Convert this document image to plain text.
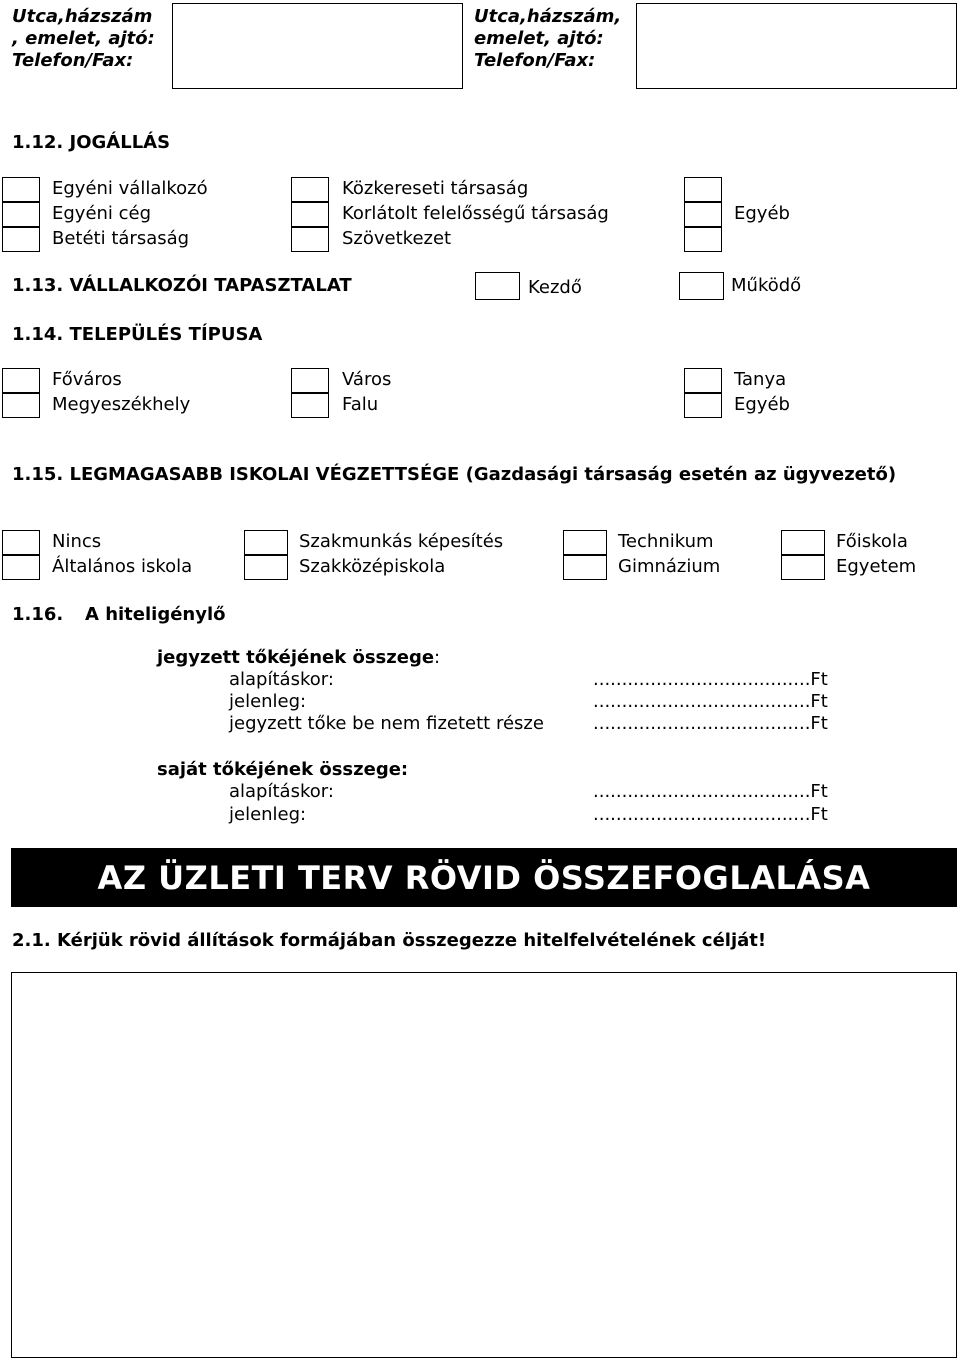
Utca,házszám
, emelet, ajtó:
Telefon/Fax:
Utca,házszám,
emelet, ajtó:
Telefon/Fax:
1.12. JOGÁLLÁS
Egyéni vállalkozó
Egyéni cég
Betéti társaság
Közkereseti társaság
Korlátolt felelősségű társaság
Szövetkezet
Egyéb
1.13. VÁLLALKOZÓI TAPASZTALAT	Kezdő	Működő
1.14. TELEPÜLÉS TÍPUSA
Főváros
Megyeszékhely
Város
Falu
Tanya
Egyéb
1.15. LEGMAGASABB ISKOLAI VÉGZETTSÉGE (Gazdasági társaság esetén az ügyvezető)
Nincs
Általános iskola
Szakmunkás képesítés
Szakközépiskola
Technikum
Gimnázium
Főiskola
Egyetem
1.16. A hiteligénylő
jegyzett tőkéjének összege:
alapításkor:	......................................Ft
jelenleg:	......................................Ft
jegyzett tőke be nem fizetett része	......................................Ft
saját tőkéjének összege:
alapításkor:	......................................Ft
jelenleg:	......................................Ft
AZ ÜZLETI TERV RÖVID ÖSSZEFOGLALÁSA
2.1. Kérjük rövid állítások formájában összegezze hitelfelvételének célját!
